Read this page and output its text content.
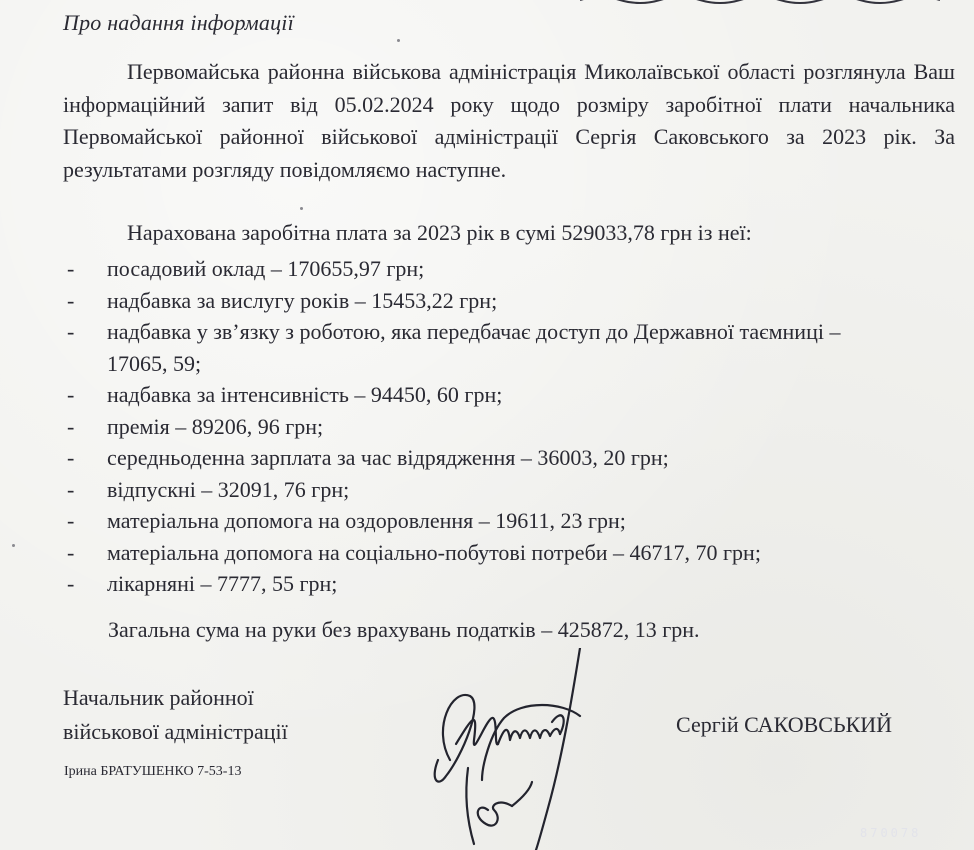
Про надання інформації

Первомайська районна військова адміністрація Миколаївської області розглянула Ваш інформаційний запит від 05.02.2024 року щодо розміру заробітної плати начальника Первомайської районної військової адміністрації Сергія Саковського за 2023 рік. За результатами розгляду повідомляємо наступне.

Нарахована заробітна плата за 2023 рік в сумі 529033,78 грн із неї:
- посадовий оклад – 170655,97 грн;
- надбавка за вислугу років – 15453,22 грн;
- надбавка у зв’язку з роботою, яка передбачає доступ до Державної таємниці – 17065, 59;
- надбавка за інтенсивність – 94450, 60 грн;
- премія – 89206, 96 грн;
- середньоденна зарплата за час відрядження – 36003, 20 грн;
- відпускні – 32091, 76 грн;
- матеріальна допомога на оздоровлення – 19611, 23 грн;
- матеріальна допомога на соціально-побутові потреби – 46717, 70 грн;
- лікарняні – 7777, 55 грн;
Загальна сума на руки без врахувань податків – 425872, 13 грн.
Начальник районної
військової адміністрації
Ірина БРАТУШЕНКО 7-53-13
Сергій САКОВСЬКИЙ
870078
